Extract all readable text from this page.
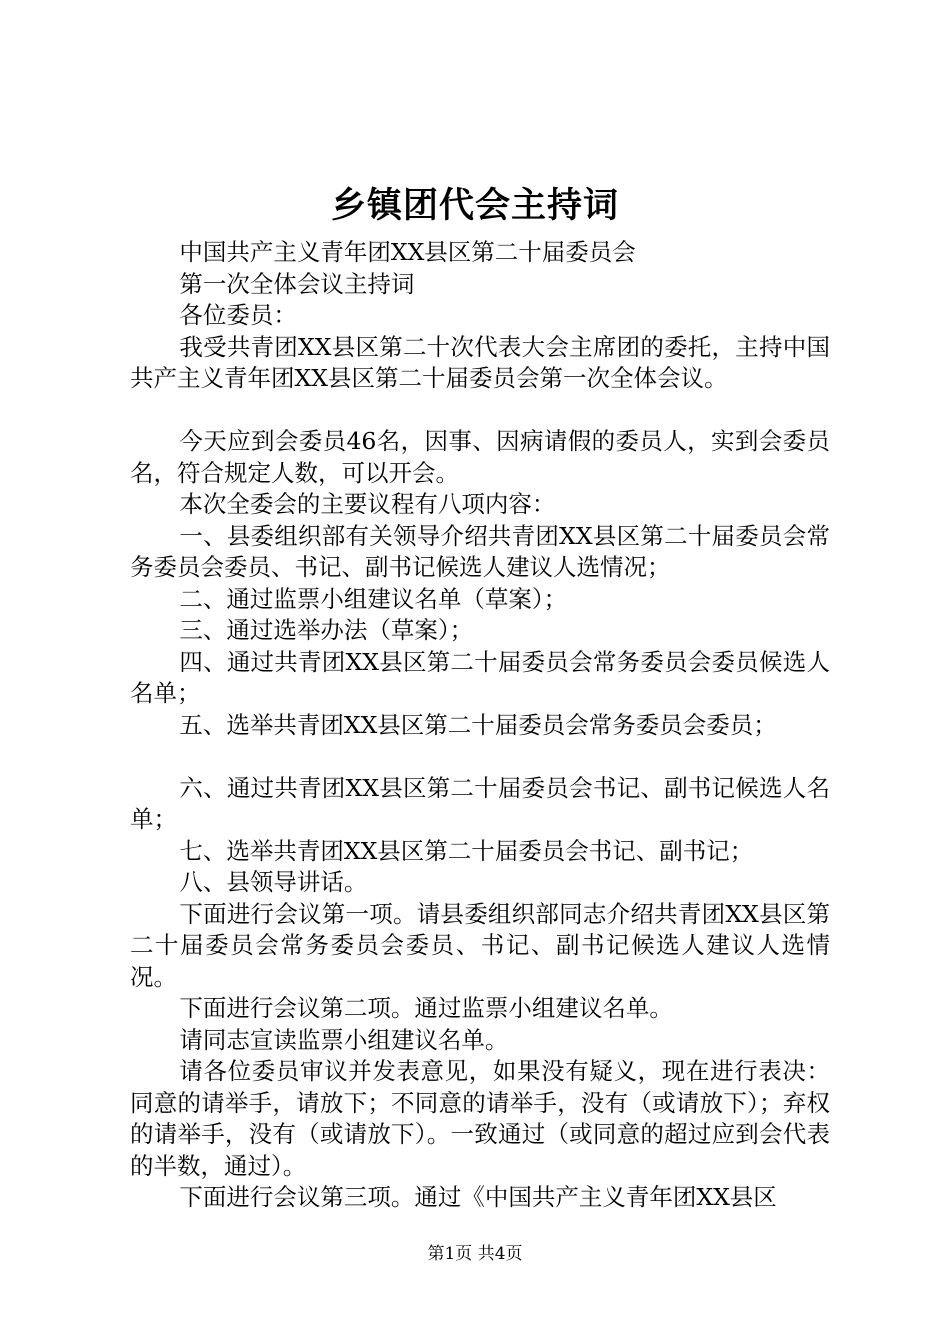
乡镇团代会主持词

中国共产主义青年团XX县区第二十届委员会

第一次全体会议主持词

各位委员：

我受共青团XX县区第二十次代表大会主席团的委托，主持中国共产主义青年团XX县区第二十届委员会第一次全体会议。

今天应到会委员46名，因事、因病请假的委员人，实到会委员名，符合规定人数，可以开会。

本次全委会的主要议程有八项内容：

一、县委组织部有关领导介绍共青团XX县区第二十届委员会常务委员会委员、书记、副书记候选人建议人选情况；

二、通过监票小组建议名单（草案）；

三、通过选举办法（草案）；

四、通过共青团XX县区第二十届委员会常务委员会委员候选人名单；

五、选举共青团XX县区第二十届委员会常务委员会委员；

六、通过共青团XX县区第二十届委员会书记、副书记候选人名单；

七、选举共青团XX县区第二十届委员会书记、副书记；

八、县领导讲话。

下面进行会议第一项。请县委组织部同志介绍共青团XX县区第二十届委员会常务委员会委员、书记、副书记候选人建议人选情况。

下面进行会议第二项。通过监票小组建议名单。

请同志宣读监票小组建议名单。

请各位委员审议并发表意见，如果没有疑义，现在进行表决：同意的请举手，请放下；不同意的请举手，没有（或请放下）；弃权的请举手，没有（或请放下）。一致通过（或同意的超过应到会代表的半数，通过）。

下面进行会议第三项。通过《中国共产主义青年团XX县区

第1页 共4页
